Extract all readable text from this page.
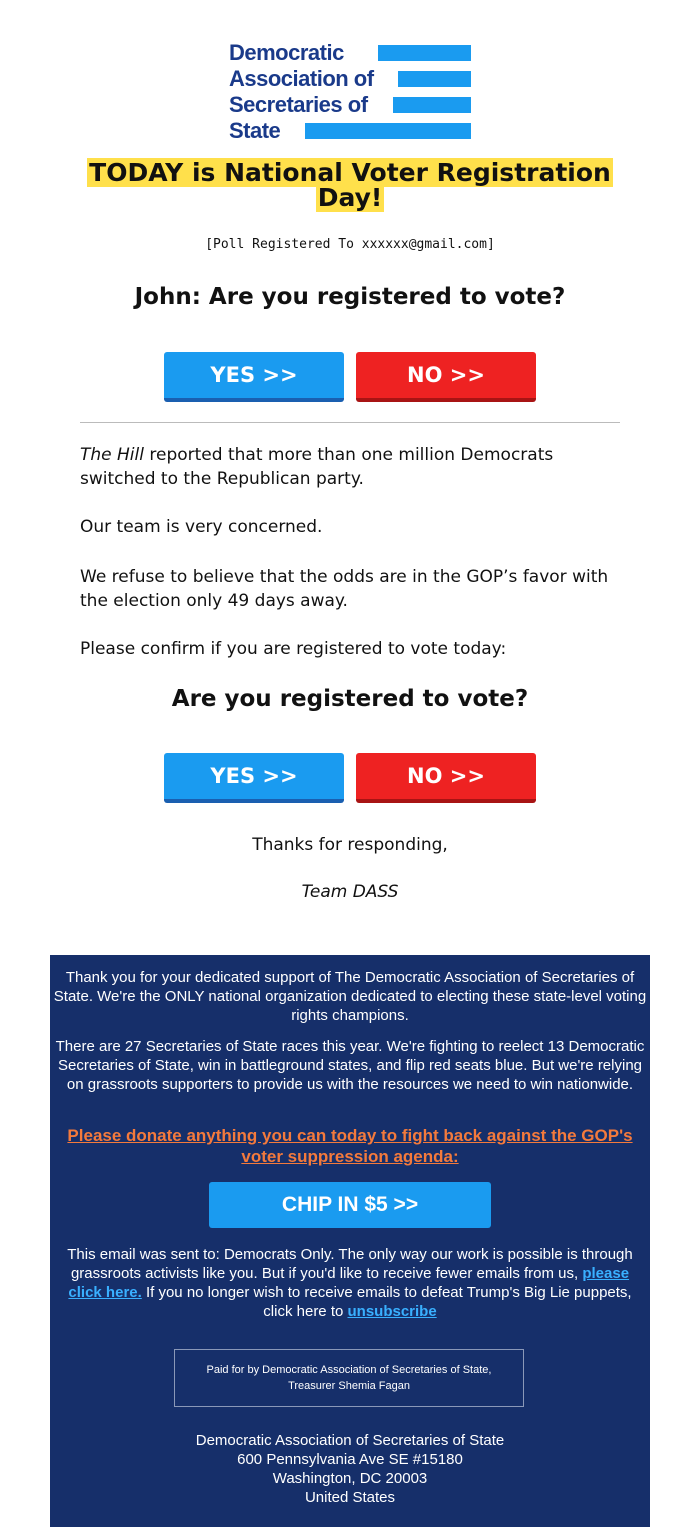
Democratic
Association of
Secretaries of
State
TODAY is National Voter Registration Day!
[Poll Registered To xxxxxx@gmail.com]
John: Are you registered to vote?
YES >>	NO >>
The Hill reported that more than one million Democrats switched to the Republican party.
Our team is very concerned.
We refuse to believe that the odds are in the GOP’s favor with the election only 49 days away.
Please confirm if you are registered to vote today:
Are you registered to vote?
YES >>	NO >>
Thanks for responding,
Team DASS
Thank you for your dedicated support of The Democratic Association of Secretaries of State. We're the ONLY national organization dedicated to electing these state-level voting rights champions.
There are 27 Secretaries of State races this year. We're fighting to reelect 13 Democratic Secretaries of State, win in battleground states, and flip red seats blue. But we're relying on grassroots supporters to provide us with the resources we need to win nationwide.
Please donate anything you can today to fight back against the GOP's voter suppression agenda:
CHIP IN $5 >>
This email was sent to: Democrats Only. The only way our work is possible is through grassroots activists like you. But if you'd like to receive fewer emails from us, please click here. If you no longer wish to receive emails to defeat Trump's Big Lie puppets, click here to unsubscribe
Paid for by Democratic Association of Secretaries of State,
Treasurer Shemia Fagan
Democratic Association of Secretaries of State
600 Pennsylvania Ave SE #15180
Washington, DC 20003
United States
